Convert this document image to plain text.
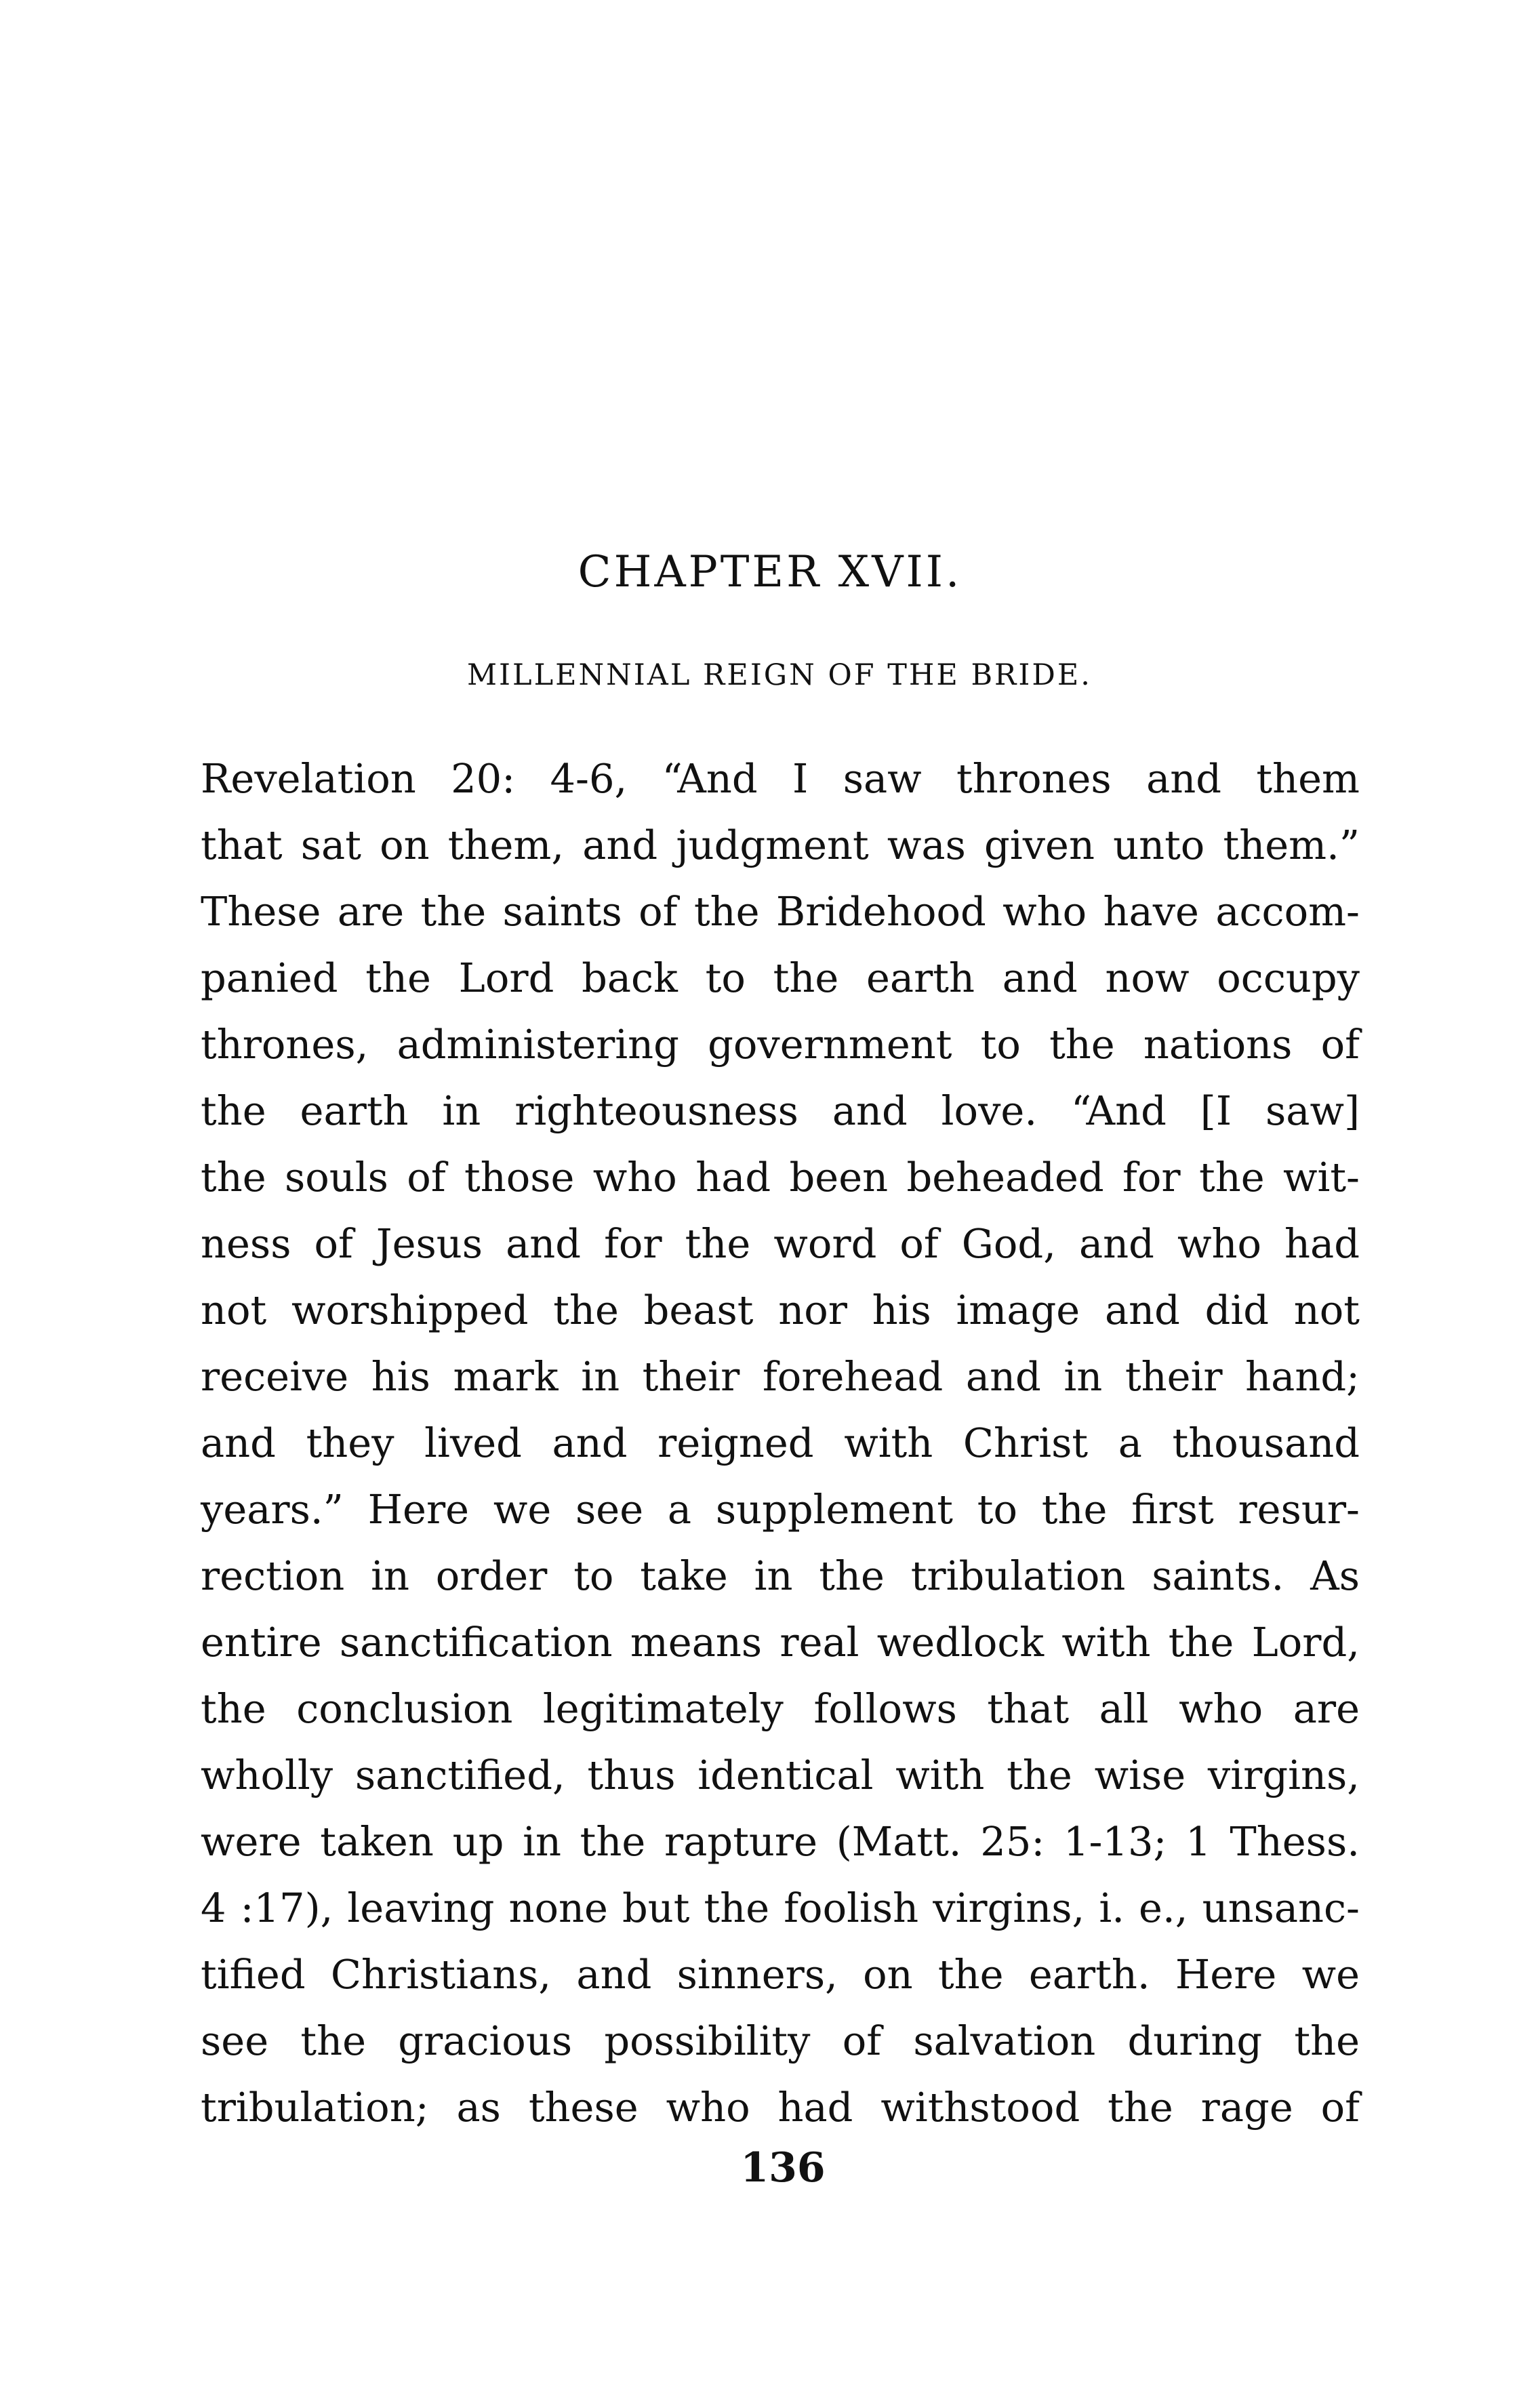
CHAPTER XVII.
MILLENNIAL REIGN OF THE BRIDE.
Revelation 20: 4-6, “And I saw thrones and them
that sat on them, and judgment was given unto them.”
These are the saints of the Bridehood who have accom-
panied the Lord back to the earth and now occupy
thrones, administering government to the nations of
the earth in righteousness and love. “And [I saw]
the souls of those who had been beheaded for the wit-
ness of Jesus and for the word of God, and who had
not worshipped the beast nor his image and did not
receive his mark in their forehead and in their hand;
and they lived and reigned with Christ a thousand
years.” Here we see a supplement to the first resur-
rection in order to take in the tribulation saints. As
entire sanctification means real wedlock with the Lord,
the conclusion legitimately follows that all who are
wholly sanctified, thus identical with the wise virgins,
were taken up in the rapture (Matt. 25: 1-13; 1 Thess.
4 :17), leaving none but the foolish virgins, i. e., unsanc-
tified Christians, and sinners, on the earth. Here we
see the gracious possibility of salvation during the
tribulation; as these who had withstood the rage of
136
